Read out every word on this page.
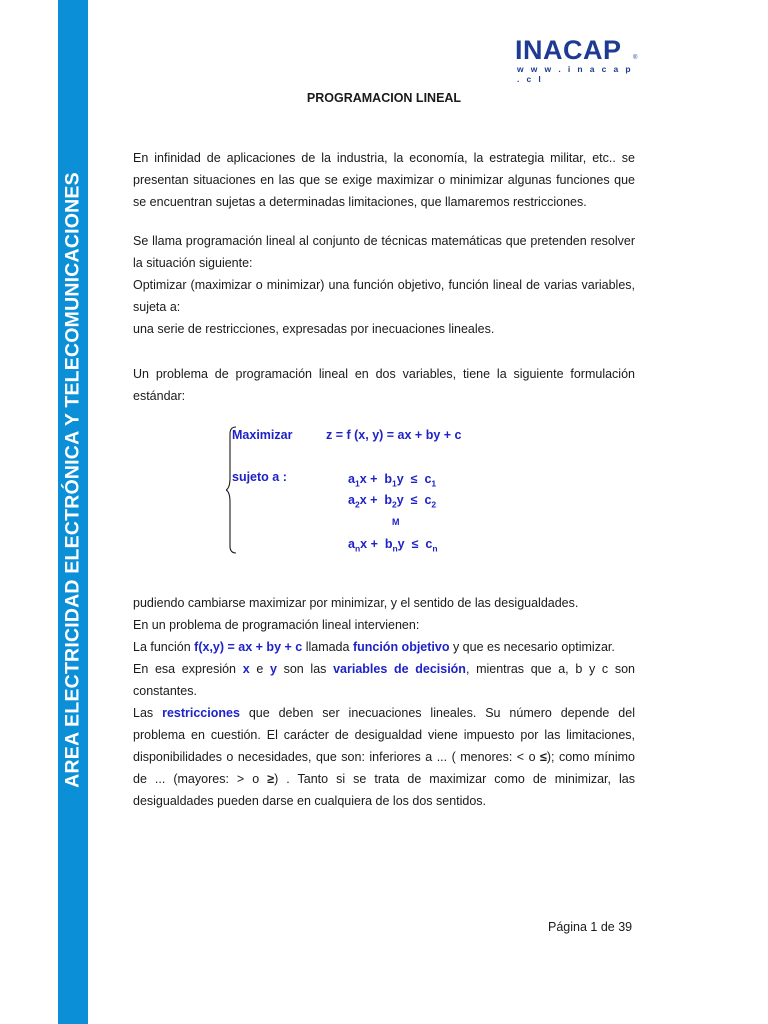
AREA ELECTRICIDAD ELECTRÓNICA Y TELECOMUNICACIONES
INACAP	®
w w w . i n a c a p . c l
PROGRAMACION LINEAL

En infinidad de aplicaciones de la industria, la economía, la estrategia militar, etc.. se presentan situaciones en las que se exige maximizar o minimizar algunas funciones que se encuentran sujetas a determinadas limitaciones, que llamaremos restricciones.

Se llama programación lineal al conjunto de técnicas matemáticas que pretenden resolver la situación siguiente:
Optimizar (maximizar o minimizar) una función objetivo, función lineal de varias variables, sujeta a:
una serie de restricciones, expresadas por inecuaciones lineales.

Un problema de programación lineal en dos variables, tiene la siguiente formulación estándar:

Maximizar	z = f (x, y) = ax + by + c
sujeto a :	$a_1x + b_1y \le c_1$
$a_2x + b_2y \le c_2$
M
$a_nx + b_ny \le c_n$

pudiendo cambiarse maximizar por minimizar, y el sentido de las desigualdades.
En un problema de programación lineal intervienen:
La función f(x,y) = ax + by + c llamada función objetivo y que es necesario optimizar.
En esa expresión x e y son las variables de decisión, mientras que a, b y c son constantes.
Las restricciones que deben ser inecuaciones lineales. Su número depende del problema en cuestión. El carácter de desigualdad viene impuesto por las limitaciones, disponibilidades o necesidades, que son: inferiores a ... ( menores: < o ≤); como mínimo de ... (mayores: > o ≥) . Tanto si se trata de maximizar como de minimizar, las desigualdades pueden darse en cualquiera de los dos sentidos.

Página 1 de 39
